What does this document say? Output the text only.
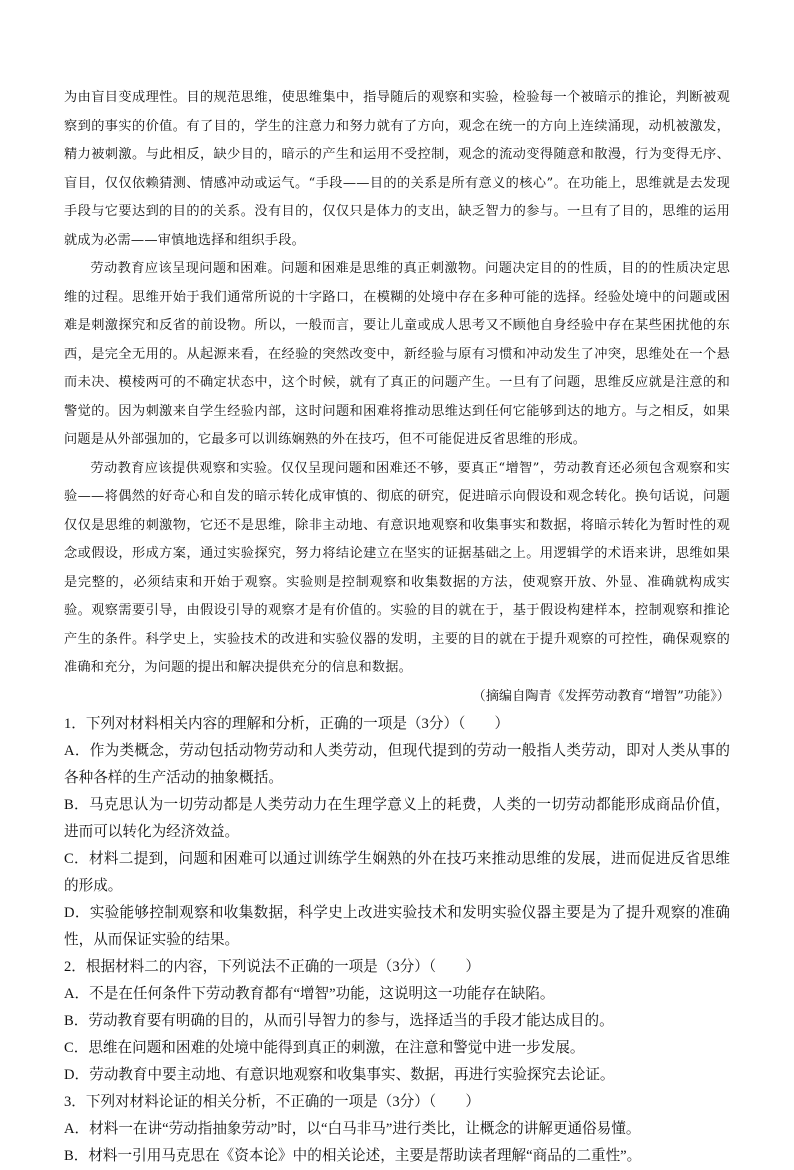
为由盲目变成理性。目的规范思维，使思维集中，指导随后的观察和实验，检验每一个被暗示的推论，判断被观察到的事实的价值。有了目的，学生的注意力和努力就有了方向，观念在统一的方向上连续涌现，动机被激发，精力被刺激。与此相反，缺少目的，暗示的产生和运用不受控制，观念的流动变得随意和散漫，行为变得无序、盲目，仅仅依赖猜测、情感冲动或运气。“手段——目的的关系是所有意义的核心”。在功能上，思维就是去发现手段与它要达到的目的的关系。没有目的，仅仅只是体力的支出，缺乏智力的参与。一旦有了目的，思维的运用就成为必需——审慎地选择和组织手段。

劳动教育应该呈现问题和困难。问题和困难是思维的真正刺激物。问题决定目的的性质，目的的性质决定思维的过程。思维开始于我们通常所说的十字路口，在模糊的处境中存在多种可能的选择。经验处境中的问题或困难是刺激探究和反省的前设物。所以，一般而言，要让儿童或成人思考又不顾他自身经验中存在某些困扰他的东西，是完全无用的。从起源来看，在经验的突然改变中，新经验与原有习惯和冲动发生了冲突，思维处在一个悬而未决、模棱两可的不确定状态中，这个时候，就有了真正的问题产生。一旦有了问题，思维反应就是注意的和警觉的。因为刺激来自学生经验内部，这时问题和困难将推动思维达到任何它能够到达的地方。与之相反，如果问题是从外部强加的，它最多可以训练娴熟的外在技巧，但不可能促进反省思维的形成。

劳动教育应该提供观察和实验。仅仅呈现问题和困难还不够，要真正“增智”，劳动教育还必须包含观察和实验——将偶然的好奇心和自发的暗示转化成审慎的、彻底的研究，促进暗示向假设和观念转化。换句话说，问题仅仅是思维的刺激物，它还不是思维，除非主动地、有意识地观察和收集事实和数据，将暗示转化为暂时性的观念或假设，形成方案，通过实验探究，努力将结论建立在坚实的证据基础之上。用逻辑学的术语来讲，思维如果是完整的，必须结束和开始于观察。实验则是控制观察和收集数据的方法，使观察开放、外显、准确就构成实验。观察需要引导，由假设引导的观察才是有价值的。实验的目的就在于，基于假设构建样本，控制观察和推论产生的条件。科学史上，实验技术的改进和实验仪器的发明，主要的目的就在于提升观察的可控性，确保观察的准确和充分，为问题的提出和解决提供充分的信息和数据。

（摘编自陶青《发挥劳动教育“增智”功能》）

1．下列对材料相关内容的理解和分析，正确的一项是（3分）（　　）

A．作为类概念，劳动包括动物劳动和人类劳动，但现代提到的劳动一般指人类劳动，即对人类从事的各种各样的生产活动的抽象概括。

B．马克思认为一切劳动都是人类劳动力在生理学意义上的耗费，人类的一切劳动都能形成商品价值，进而可以转化为经济效益。

C．材料二提到，问题和困难可以通过训练学生娴熟的外在技巧来推动思维的发展，进而促进反省思维的形成。

D．实验能够控制观察和收集数据，科学史上改进实验技术和发明实验仪器主要是为了提升观察的准确性，从而保证实验的结果。

2．根据材料二的内容，下列说法不正确的一项是（3分）（　　）

A．不是在任何条件下劳动教育都有“增智”功能，这说明这一功能存在缺陷。

B．劳动教育要有明确的目的，从而引导智力的参与，选择适当的手段才能达成目的。

C．思维在问题和困难的处境中能得到真正的刺激，在注意和警觉中进一步发展。

D．劳动教育中要主动地、有意识地观察和收集事实、数据，再进行实验探究去论证。

3．下列对材料论证的相关分析，不正确的一项是（3分）（　　）

A．材料一在讲“劳动指抽象劳动”时，以“白马非马”进行类比，让概念的讲解更通俗易懂。

B．材料一引用马克思在《资本论》中的相关论述，主要是帮助读者理解“商品的二重性”。
